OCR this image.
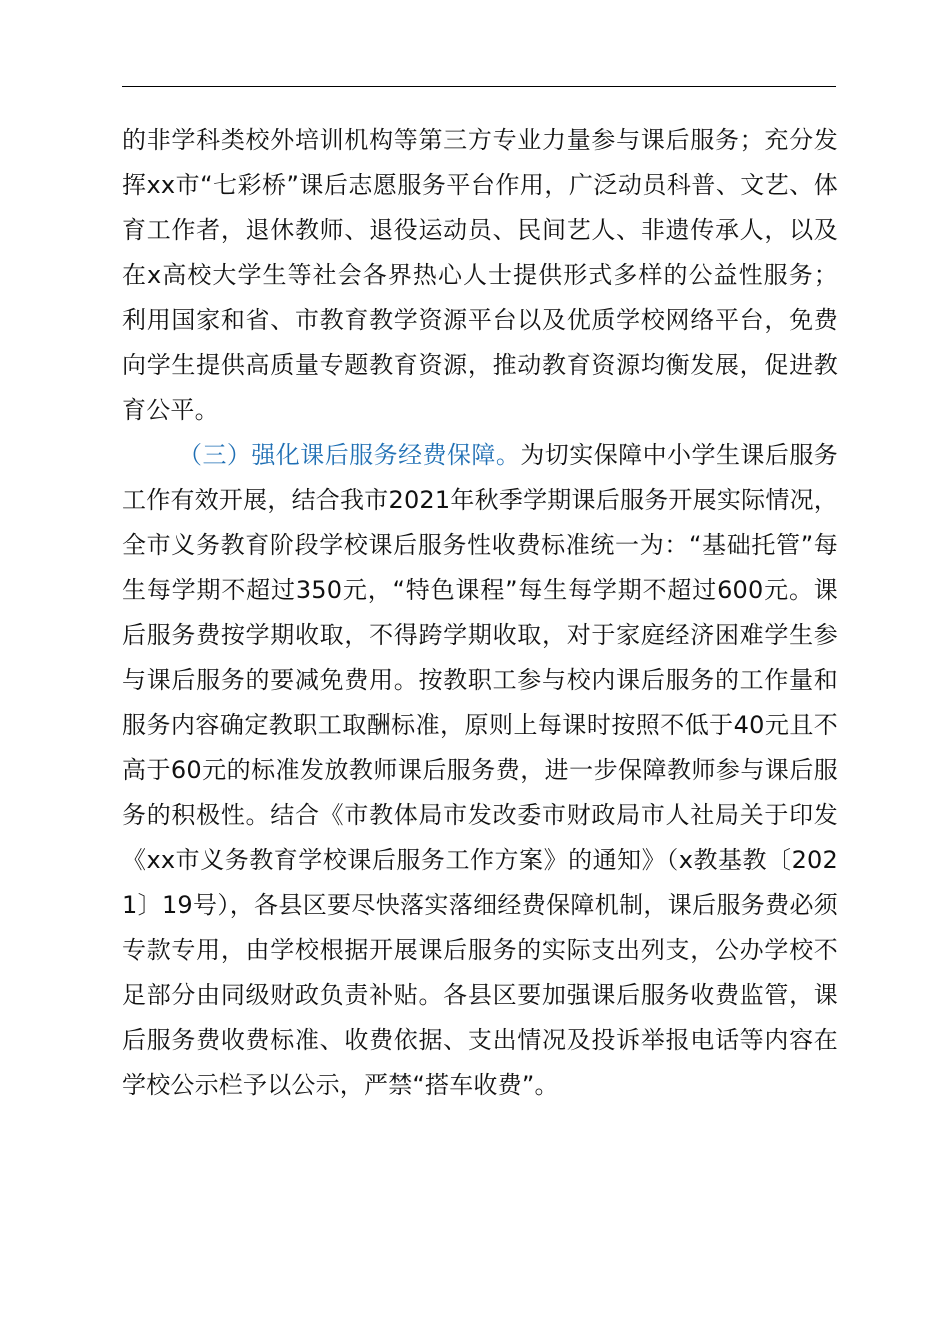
的非学科类校外培训机构等第三方专业力量参与课后服务；充分发挥xx市“七彩桥”课后志愿服务平台作用，广泛动员科普、文艺、体育工作者，退休教师、退役运动员、民间艺人、非遗传承人，以及在x高校大学生等社会各界热心人士提供形式多样的公益性服务；利用国家和省、市教育教学资源平台以及优质学校网络平台，免费向学生提供高质量专题教育资源，推动教育资源均衡发展，促进教育公平。

（三）强化课后服务经费保障。为切实保障中小学生课后服务工作有效开展，结合我市2021年秋季学期课后服务开展实际情况，全市义务教育阶段学校课后服务性收费标准统一为：“基础托管”每生每学期不超过350元，“特色课程”每生每学期不超过600元。课后服务费按学期收取，不得跨学期收取，对于家庭经济困难学生参与课后服务的要减免费用。按教职工参与校内课后服务的工作量和服务内容确定教职工取酬标准，原则上每课时按照不低于40元且不高于60元的标准发放教师课后服务费，进一步保障教师参与课后服务的积极性。结合《市教体局市发改委市财政局市人社局关于印发《xx市义务教育学校课后服务工作方案》的通知》（x教基教〔2021〕19号），各县区要尽快落实落细经费保障机制，课后服务费必须专款专用，由学校根据开展课后服务的实际支出列支，公办学校不足部分由同级财政负责补贴。各县区要加强课后服务收费监管，课后服务费收费标准、收费依据、支出情况及投诉举报电话等内容在学校公示栏予以公示，严禁“搭车收费”。
